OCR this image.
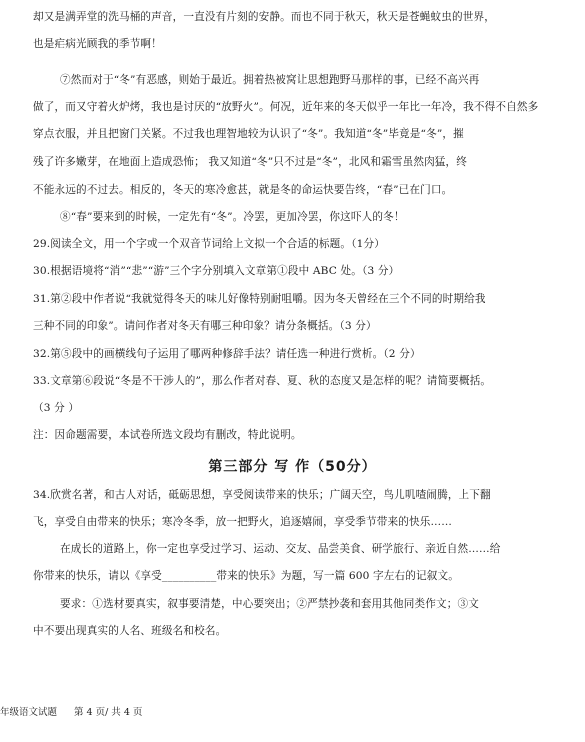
却又是满弄堂的洗马桶的声音，一直没有片刻的安静。而也不同于秋天，秋天是苍蝇蚊虫的世界，
也是疟病光顾我的季节啊！
⑦然而对于“冬”有恶感，则始于最近。拥着热被窝让思想跑野马那样的事，已经不高兴再
做了，而又守着火炉烤，我也是讨厌的“放野火”。何况，近年来的冬天似乎一年比一年冷，我不得不自然多
穿点衣服，并且把窗门关紧。不过我也理智地较为认识了“冬”。我知道“冬”毕竟是“冬”，摧
残了许多嫩芽，在地面上造成恐怖； 我又知道“冬”只不过是“冬”，北风和霜雪虽然肉猛，终
不能永远的不过去。相反的，冬天的寒冷愈甚，就是冬的命运快要告终，“春”已在门口。
⑧“春”要来到的时候，一定先有“冬”。冷罢，更加冷罢，你这吓人的冬！
29.阅读全文，用一个字或一个双音节词给上文拟一个合适的标题。（1分）
30.根据语境将“消”“悲”“游”三个字分别填入文章第①段中 ABC 处。（3 分）
31.第②段中作者说“我就觉得冬天的味儿好像特别耐咀嚼。因为冬天曾经在三个不同的时期给我
三种不同的印象”。请问作者对冬天有哪三种印象？请分条概括。（3 分）
32.第⑤段中的画横线句子运用了哪两种修辞手法？请任选一种进行赏析。（2 分）
33.文章第⑥段说“冬是不干涉人的”，那么作者对春、夏、秋的态度又是怎样的呢？请简要概括。
（3 分 ）
注：因命题需要，本试卷所选文段均有删改，特此说明。
第三部分 写 作（50分）
34.欣赏名著，和古人对话，砥砺思想，享受阅读带来的快乐；广阔天空，鸟儿叽喳闹腾，上下翻
飞，享受自由带来的快乐；寒冷冬季，放一把野火，追逐嬉闹，享受季节带来的快乐……
在成长的道路上，你一定也享受过学习、运动、交友、品尝美食、研学旅行、亲近自然……给
你带来的快乐，请以《享受__________带来的快乐》为题，写一篇 600 字左右的记叙文。
要求：①选材要真实，叙事要清楚，中心要突出；②严禁抄袭和套用其他同类作文；③文
中不要出现真实的人名、班级名和校名。
年级语文试题 第 4 页/ 共 4 页
